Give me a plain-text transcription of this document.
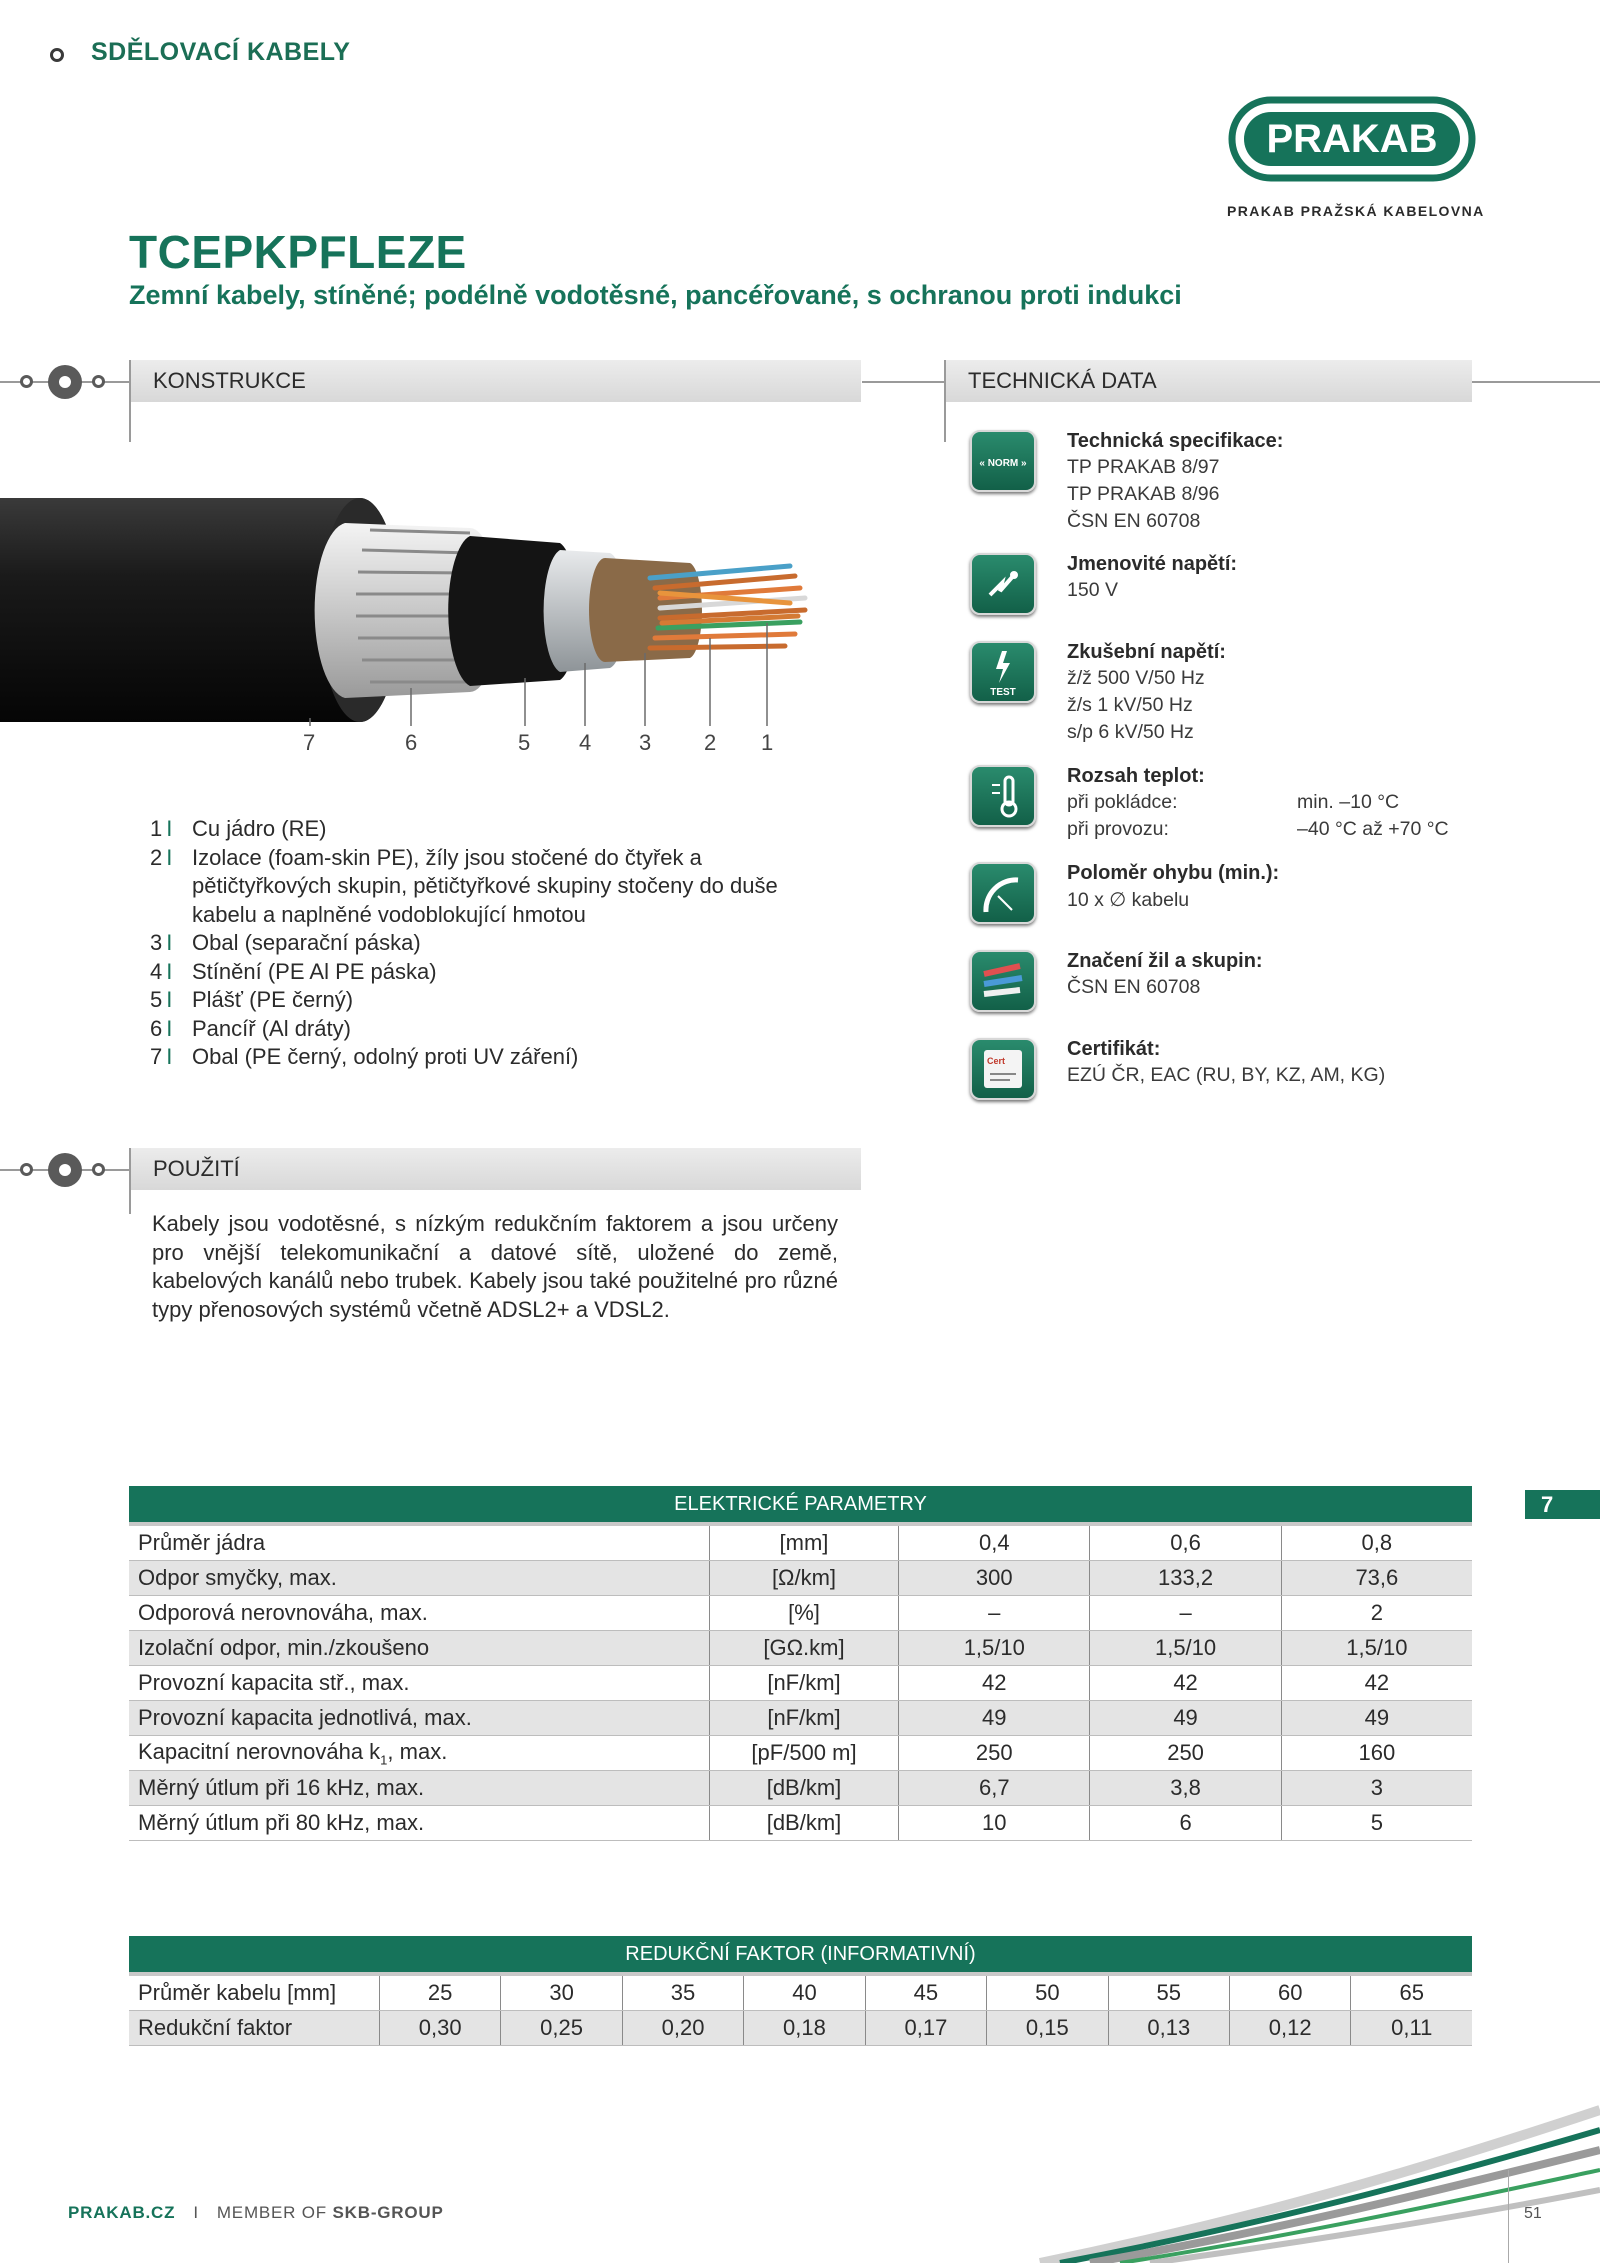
SDĚLOVACÍ KABELY
PRAKAB
PRAKAB PRAŽSKÁ KABELOVNA
TCEPKPFLEZE
Zemní kabely, stíněné; podélně vodotěsné, pancéřované, s ochranou proti indukci
KONSTRUKCE	TECHNICKÁ DATA
7	6	5 4 3 2 1
1 I Cu jádro (RE)
2 I Izolace (foam-skin PE), žíly jsou stočené do čtyřek a pětičtyřkových skupin, pětičtyřkové skupiny stočeny do duše kabelu a naplněné vodoblokující hmotou
3 I Obal (separační páska)
4 I Stínění (PE Al PE páska)
5 I Plášť (PE černý)
6 I Pancíř (Al dráty)
7 I Obal (PE černý, odolný proti UV záření)
« NORM »
Technická specifikace:
TP PRAKAB 8/97
TP PRAKAB 8/96
ČSN EN 60708
Jmenovité napětí:
150 V
TEST
Zkušební napětí:
ž/ž 500 V/50 Hz
ž/s 1 kV/50 Hz
s/p 6 kV/50 Hz
Rozsah teplot:
při pokládce:	min. –10 °C
při provozu:	–40 °C až +70 °C
Poloměr ohybu (min.):
10 x ∅ kabelu
Značení žil a skupin:
ČSN EN 60708
Cert
Certifikát:
EZÚ ČR, EAC (RU, BY, KZ, AM, KG)
POUŽITÍ
Kabely jsou vodotěsné, s nízkým redukčním faktorem a jsou určeny pro vnější telekomunikační a datové sítě, uložené do země, kabelových kanálů nebo trubek. Kabely jsou také použitelné pro různé typy přenosových systémů včetně ADSL2+ a VDSL2.
ELEKTRICKÉ PARAMETRY
Průměr jádra	[mm]	0,4	0,6	0,8
Odpor smyčky, max.	[Ω/km]	300	133,2	73,6
Odporová nerovnováha, max.	[%]	–	–	2
Izolační odpor, min./zkoušeno	[GΩ.km]	1,5/10	1,5/10	1,5/10
Provozní kapacita stř., max.	[nF/km]	42	42	42
Provozní kapacita jednotlivá, max.	[nF/km]	49	49	49
Kapacitní nerovnováha $k_1$, max.	[pF/500 m]	250	250	160
Měrný útlum při 16 kHz, max.	[dB/km]	6,7	3,8	3
Měrný útlum při 80 kHz, max.	[dB/km]	10	6	5
7
REDUKČNÍ FAKTOR (INFORMATIVNÍ)
Průměr kabelu [mm]	25	30	35	40	45	50	55	60	65
Redukční faktor	0,30	0,25	0,20	0,18	0,17	0,15	0,13	0,12	0,11
PRAKAB.CZ I MEMBER OF SKB-GROUP	51
